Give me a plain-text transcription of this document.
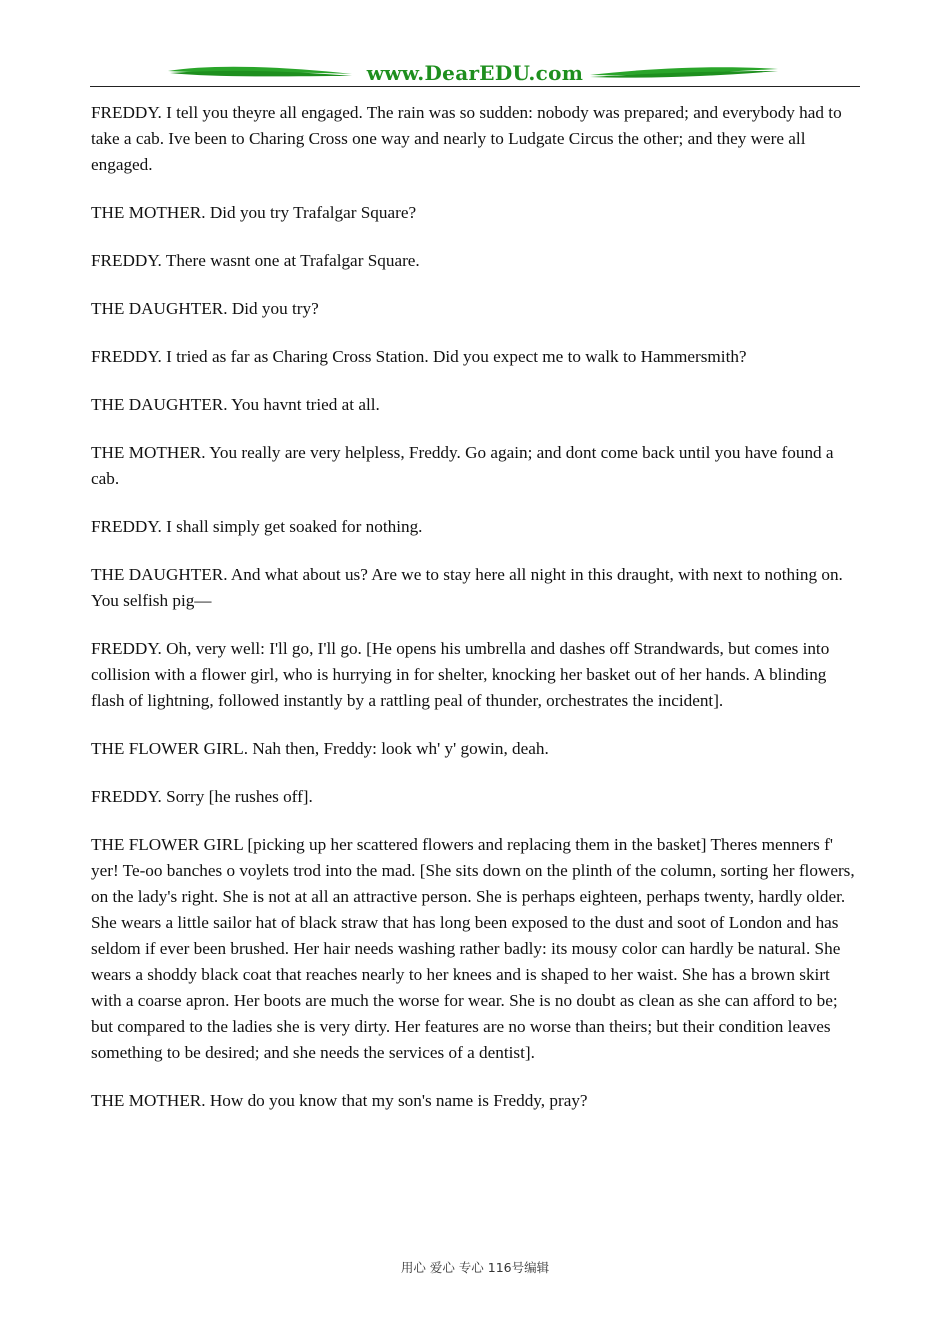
www.DearEDU.com

FREDDY. I tell you theyre all engaged. The rain was so sudden: nobody was prepared; and everybody had to take a cab. Ive been to Charing Cross one way and nearly to Ludgate Circus the other; and they were all engaged.

THE MOTHER. Did you try Trafalgar Square?

FREDDY. There wasnt one at Trafalgar Square.

THE DAUGHTER. Did you try?

FREDDY. I tried as far as Charing Cross Station. Did you expect me to walk to Hammersmith?

THE DAUGHTER. You havnt tried at all.

THE MOTHER. You really are very helpless, Freddy. Go again; and dont come back until you have found a cab.

FREDDY. I shall simply get soaked for nothing.

THE DAUGHTER. And what about us? Are we to stay here all night in this draught, with next to nothing on. You selfish pig—

FREDDY. Oh, very well: I'll go, I'll go. [He opens his umbrella and dashes off Strandwards, but comes into collision with a flower girl, who is hurrying in for shelter, knocking her basket out of her hands. A blinding flash of lightning, followed instantly by a rattling peal of thunder, orchestrates the incident].

THE FLOWER GIRL. Nah then, Freddy: look wh' y' gowin, deah.

FREDDY. Sorry [he rushes off].

THE FLOWER GIRL [picking up her scattered flowers and replacing them in the basket] Theres menners f' yer! Te-oo banches o voylets trod into the mad. [She sits down on the plinth of the column, sorting her flowers, on the lady's right. She is not at all an attractive person. She is perhaps eighteen, perhaps twenty, hardly older. She wears a little sailor hat of black straw that has long been exposed to the dust and soot of London and has seldom if ever been brushed. Her hair needs washing rather badly: its mousy color can hardly be natural. She wears a shoddy black coat that reaches nearly to her knees and is shaped to her waist. She has a brown skirt with a coarse apron. Her boots are much the worse for wear. She is no doubt as clean as she can afford to be; but compared to the ladies she is very dirty. Her features are no worse than theirs; but their condition leaves something to be desired; and she needs the services of a dentist].

THE MOTHER. How do you know that my son's name is Freddy, pray?

用心 爱心 专心 116号编辑
